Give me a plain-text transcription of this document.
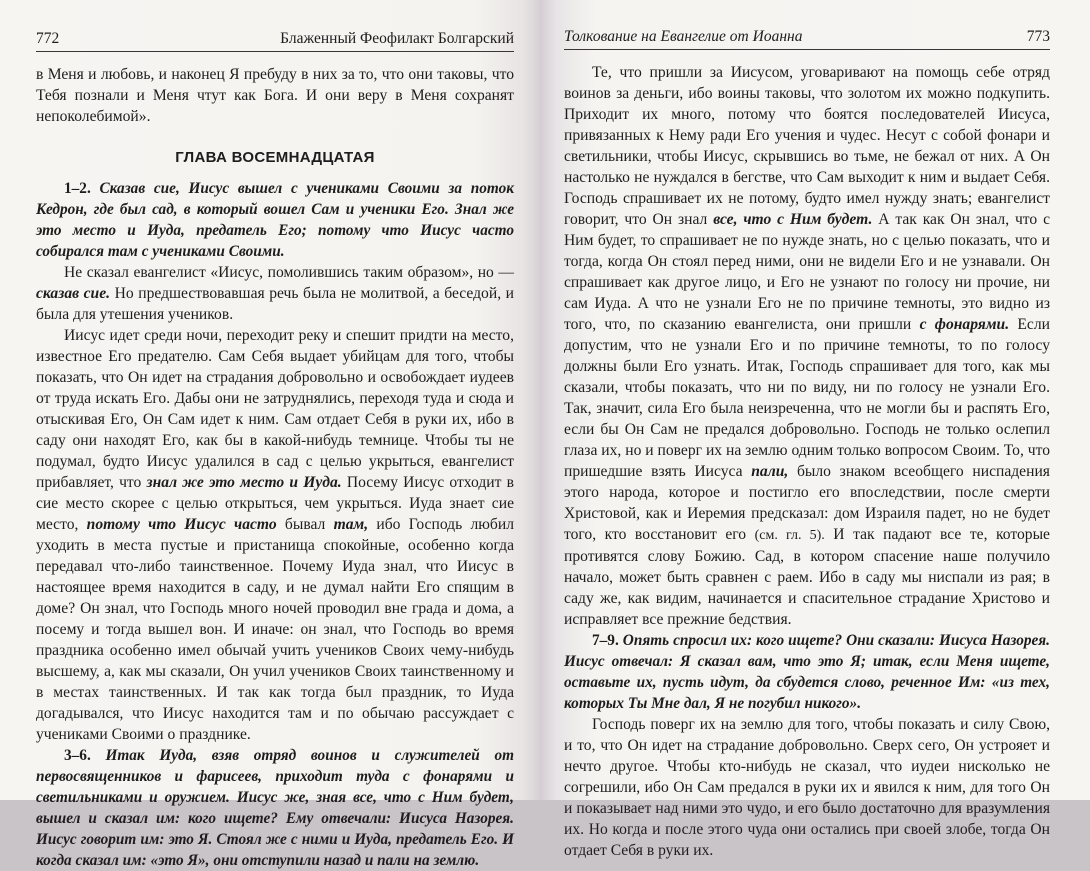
772	Блаженный Феофилакт Болгарский

в Меня и любовь, и наконец Я пребуду в них за то, что они таковы, что Тебя познали и Меня чтут как Бога. И они веру в Меня сохранят непоколебимой».

ГЛАВА ВОСЕМНАДЦАТАЯ

1–2. Сказав сие, Иисус вышел с учениками Своими за поток Кедрон, где был сад, в который вошел Сам и ученики Его. Знал же это место и Иуда, предатель Его; потому что Иисус часто собирался там с учениками Своими.

Не сказал евангелист «Иисус, помолившись таким образом», но — сказав сие. Но предшествовавшая речь была не молитвой, а беседой, и была для утешения учеников.

Иисус идет среди ночи, переходит реку и спешит придти на место, известное Его предателю. Сам Себя выдает убийцам для того, чтобы показать, что Он идет на страдания добровольно и освобождает иудеев от труда искать Его. Дабы они не затруднялись, переходя туда и сюда и отыскивая Его, Он Сам идет к ним. Сам отдает Себя в руки их, ибо в саду они находят Его, как бы в какой-нибудь темнице. Чтобы ты не подумал, будто Иисус удалился в сад с целью укрыться, евангелист прибавляет, что знал же это место и Иуда. Посему Иисус отходит в сие место скорее с целью открыться, чем укрыться. Иуда знает сие место, потому что Иисус часто бывал там, ибо Господь любил уходить в места пустые и пристанища спокойные, особенно когда передавал что-либо таинственное. Почему Иуда знал, что Иисус в настоящее время находится в саду, и не думал найти Его спящим в доме? Он знал, что Господь много ночей проводил вне града и дома, а посему и тогда вышел вон. И иначе: он знал, что Господь во время праздника особенно имел обычай учить учеников Своих чему-нибудь высшему, а, как мы сказали, Он учил учеников Своих таинственному и в местах таинственных. И так как тогда был праздник, то Иуда догадывался, что Иисус находится там и по обычаю рассуждает с учениками Своими о празднике.

3–6. Итак Иуда, взяв отряд воинов и служителей от первосвященников и фарисеев, приходит туда с фонарями и светильниками и оружием. Иисус же, зная все, что с Ним будет, вышел и сказал им: кого ищете? Ему отвечали: Иисуса Назорея. Иисус говорит им: это Я. Стоял же с ними и Иуда, предатель Его. И когда сказал им: «это Я», они отступили назад и пали на землю.

Толкование на Евангелие от Иоанна	773

Те, что пришли за Иисусом, уговаривают на помощь себе отряд воинов за деньги, ибо воины таковы, что золотом их можно подкупить. Приходит их много, потому что боятся последователей Иисуса, привязанных к Нему ради Его учения и чудес. Несут с собой фонари и светильники, чтобы Иисус, скрывшись во тьме, не бежал от них. А Он настолько не нуждался в бегстве, что Сам выходит к ним и выдает Себя. Господь спрашивает их не потому, будто имел нужду знать; евангелист говорит, что Он знал все, что с Ним будет. А так как Он знал, что с Ним будет, то спрашивает не по нужде знать, но с целью показать, что и тогда, когда Он стоял перед ними, они не видели Его и не узнавали. Он спрашивает как другое лицо, и Его не узнают по голосу ни прочие, ни сам Иуда. А что не узнали Его не по причине темноты, это видно из того, что, по сказанию евангелиста, они пришли с фонарями. Если допустим, что не узнали Его и по причине темноты, то по голосу должны были Его узнать. Итак, Господь спрашивает для того, как мы сказали, чтобы показать, что ни по виду, ни по голосу не узнали Его. Так, значит, сила Его была неизреченна, что не могли бы и распять Его, если бы Он Сам не предался добровольно. Господь не только ослепил глаза их, но и поверг их на землю одним только вопросом Своим. То, что пришедшие взять Иисуса пали, было знаком всеобщего ниспадения этого народа, которое и постигло его впоследствии, после смерти Христовой, как и Иеремия предсказал: дом Израиля падет, но не будет того, кто восстановит его (см. гл. 5). И так падают все те, которые противятся слову Божию. Сад, в котором спасение наше получило начало, может быть сравнен с раем. Ибо в саду мы ниспали из рая; в саду же, как видим, начинается и спасительное страдание Христово и исправляет все прежние бедствия.

7–9. Опять спросил их: кого ищете? Они сказали: Иисуса Назорея. Иисус отвечал: Я сказал вам, что это Я; итак, если Меня ищете, оставьте их, пусть идут, да сбудется слово, реченное Им: «из тех, которых Ты Мне дал, Я не погубил никого».

Господь поверг их на землю для того, чтобы показать и силу Свою, и то, что Он идет на страдание добровольно. Сверх сего, Он устрояет и нечто другое. Чтобы кто-нибудь не сказал, что иудеи нисколько не согрешили, ибо Он Сам предался в руки их и явился к ним, для того Он и показывает над ними это чудо, и его было достаточно для вразумления их. Но когда и после этого чуда они остались при своей злобе, тогда Он отдает Себя в руки их.
